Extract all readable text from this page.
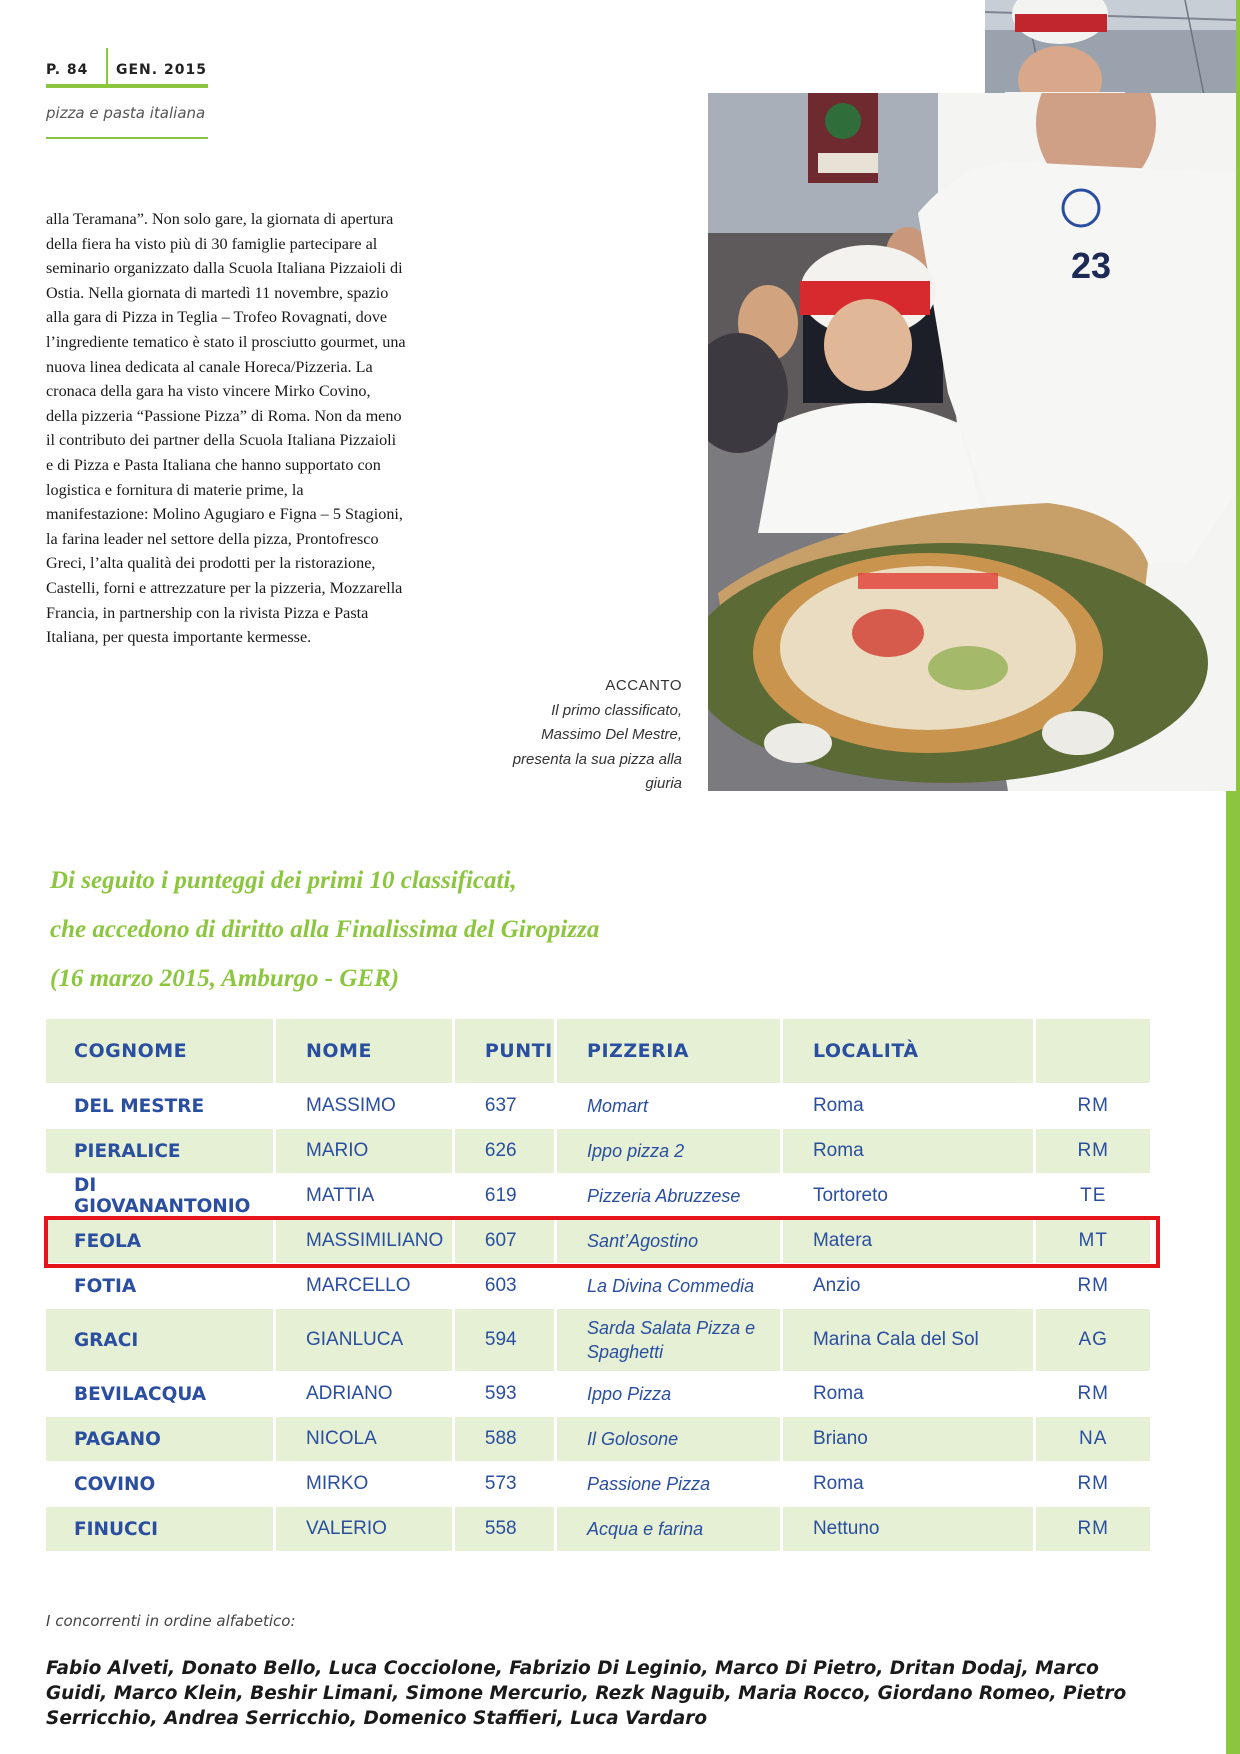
P. 84 GEN. 2015
pizza e pasta italiana

alla Teramana”. Non solo gare, la giornata di apertura della fiera ha visto più di 30 famiglie partecipare al seminario organizzato dalla Scuola Italiana Pizzaioli di Ostia. Nella giornata di martedì 11 novembre, spazio alla gara di Pizza in Teglia – Trofeo Rovagnati, dove l’ingrediente tematico è stato il prosciutto gourmet, una nuova linea dedicata al canale Horeca/Pizzeria. La cronaca della gara ha visto vincere Mirko Covino, della pizzeria “Passione Pizza” di Roma. Non da meno il contributo dei partner della Scuola Italiana Pizzaioli e di Pizza e Pasta Italiana che hanno supportato con logistica e fornitura di materie prime, la manifestazione: Molino Agugiaro e Figna – 5 Stagioni, la farina leader nel settore della pizza, Prontofresco Greci, l’alta qualità dei prodotti per la ristorazione, Castelli, forni e attrezzature per la pizzeria, Mozzarella Francia, in partnership con la rivista Pizza e Pasta Italiana, per questa importante kermesse.

ACCANTO
Il primo classificato, Massimo Del Mestre, presenta la sua pizza alla giuria
23
Di seguito i punteggi dei primi 10 classificati,
che accedono di diritto alla Finalissima del Giropizza
(16 marzo 2015, Amburgo - GER)
COGNOME	NOME	PUNTI	PIZZERIA	LOCALITÀ	
DEL MESTRE	MASSIMO	637	Momart	Roma	RM
PIERALICE	MARIO	626	Ippo pizza 2	Roma	RM
DI GIOVANANTONIO	MATTIA	619	Pizzeria Abruzzese	Tortoreto	TE
FEOLA	MASSIMILIANO	607	Sant’Agostino	Matera	MT
FOTIA	MARCELLO	603	La Divina Commedia	Anzio	RM
GRACI	GIANLUCA	594	Sarda Salata Pizza e Spaghetti	Marina Cala del Sol	AG
BEVILACQUA	ADRIANO	593	Ippo Pizza	Roma	RM
PAGANO	NICOLA	588	Il Golosone	Briano	NA
COVINO	MIRKO	573	Passione Pizza	Roma	RM
FINUCCI	VALERIO	558	Acqua e farina	Nettuno	RM
I concorrenti in ordine alfabetico:
Fabio Alveti, Donato Bello, Luca Cocciolone, Fabrizio Di Leginio, Marco Di Pietro, Dritan Dodaj, Marco Guidi, Marco Klein, Beshir Limani, Simone Mercurio, Rezk Naguib, Maria Rocco, Giordano Romeo, Pietro Serricchio, Andrea Serricchio, Domenico Staffieri, Luca Vardaro
